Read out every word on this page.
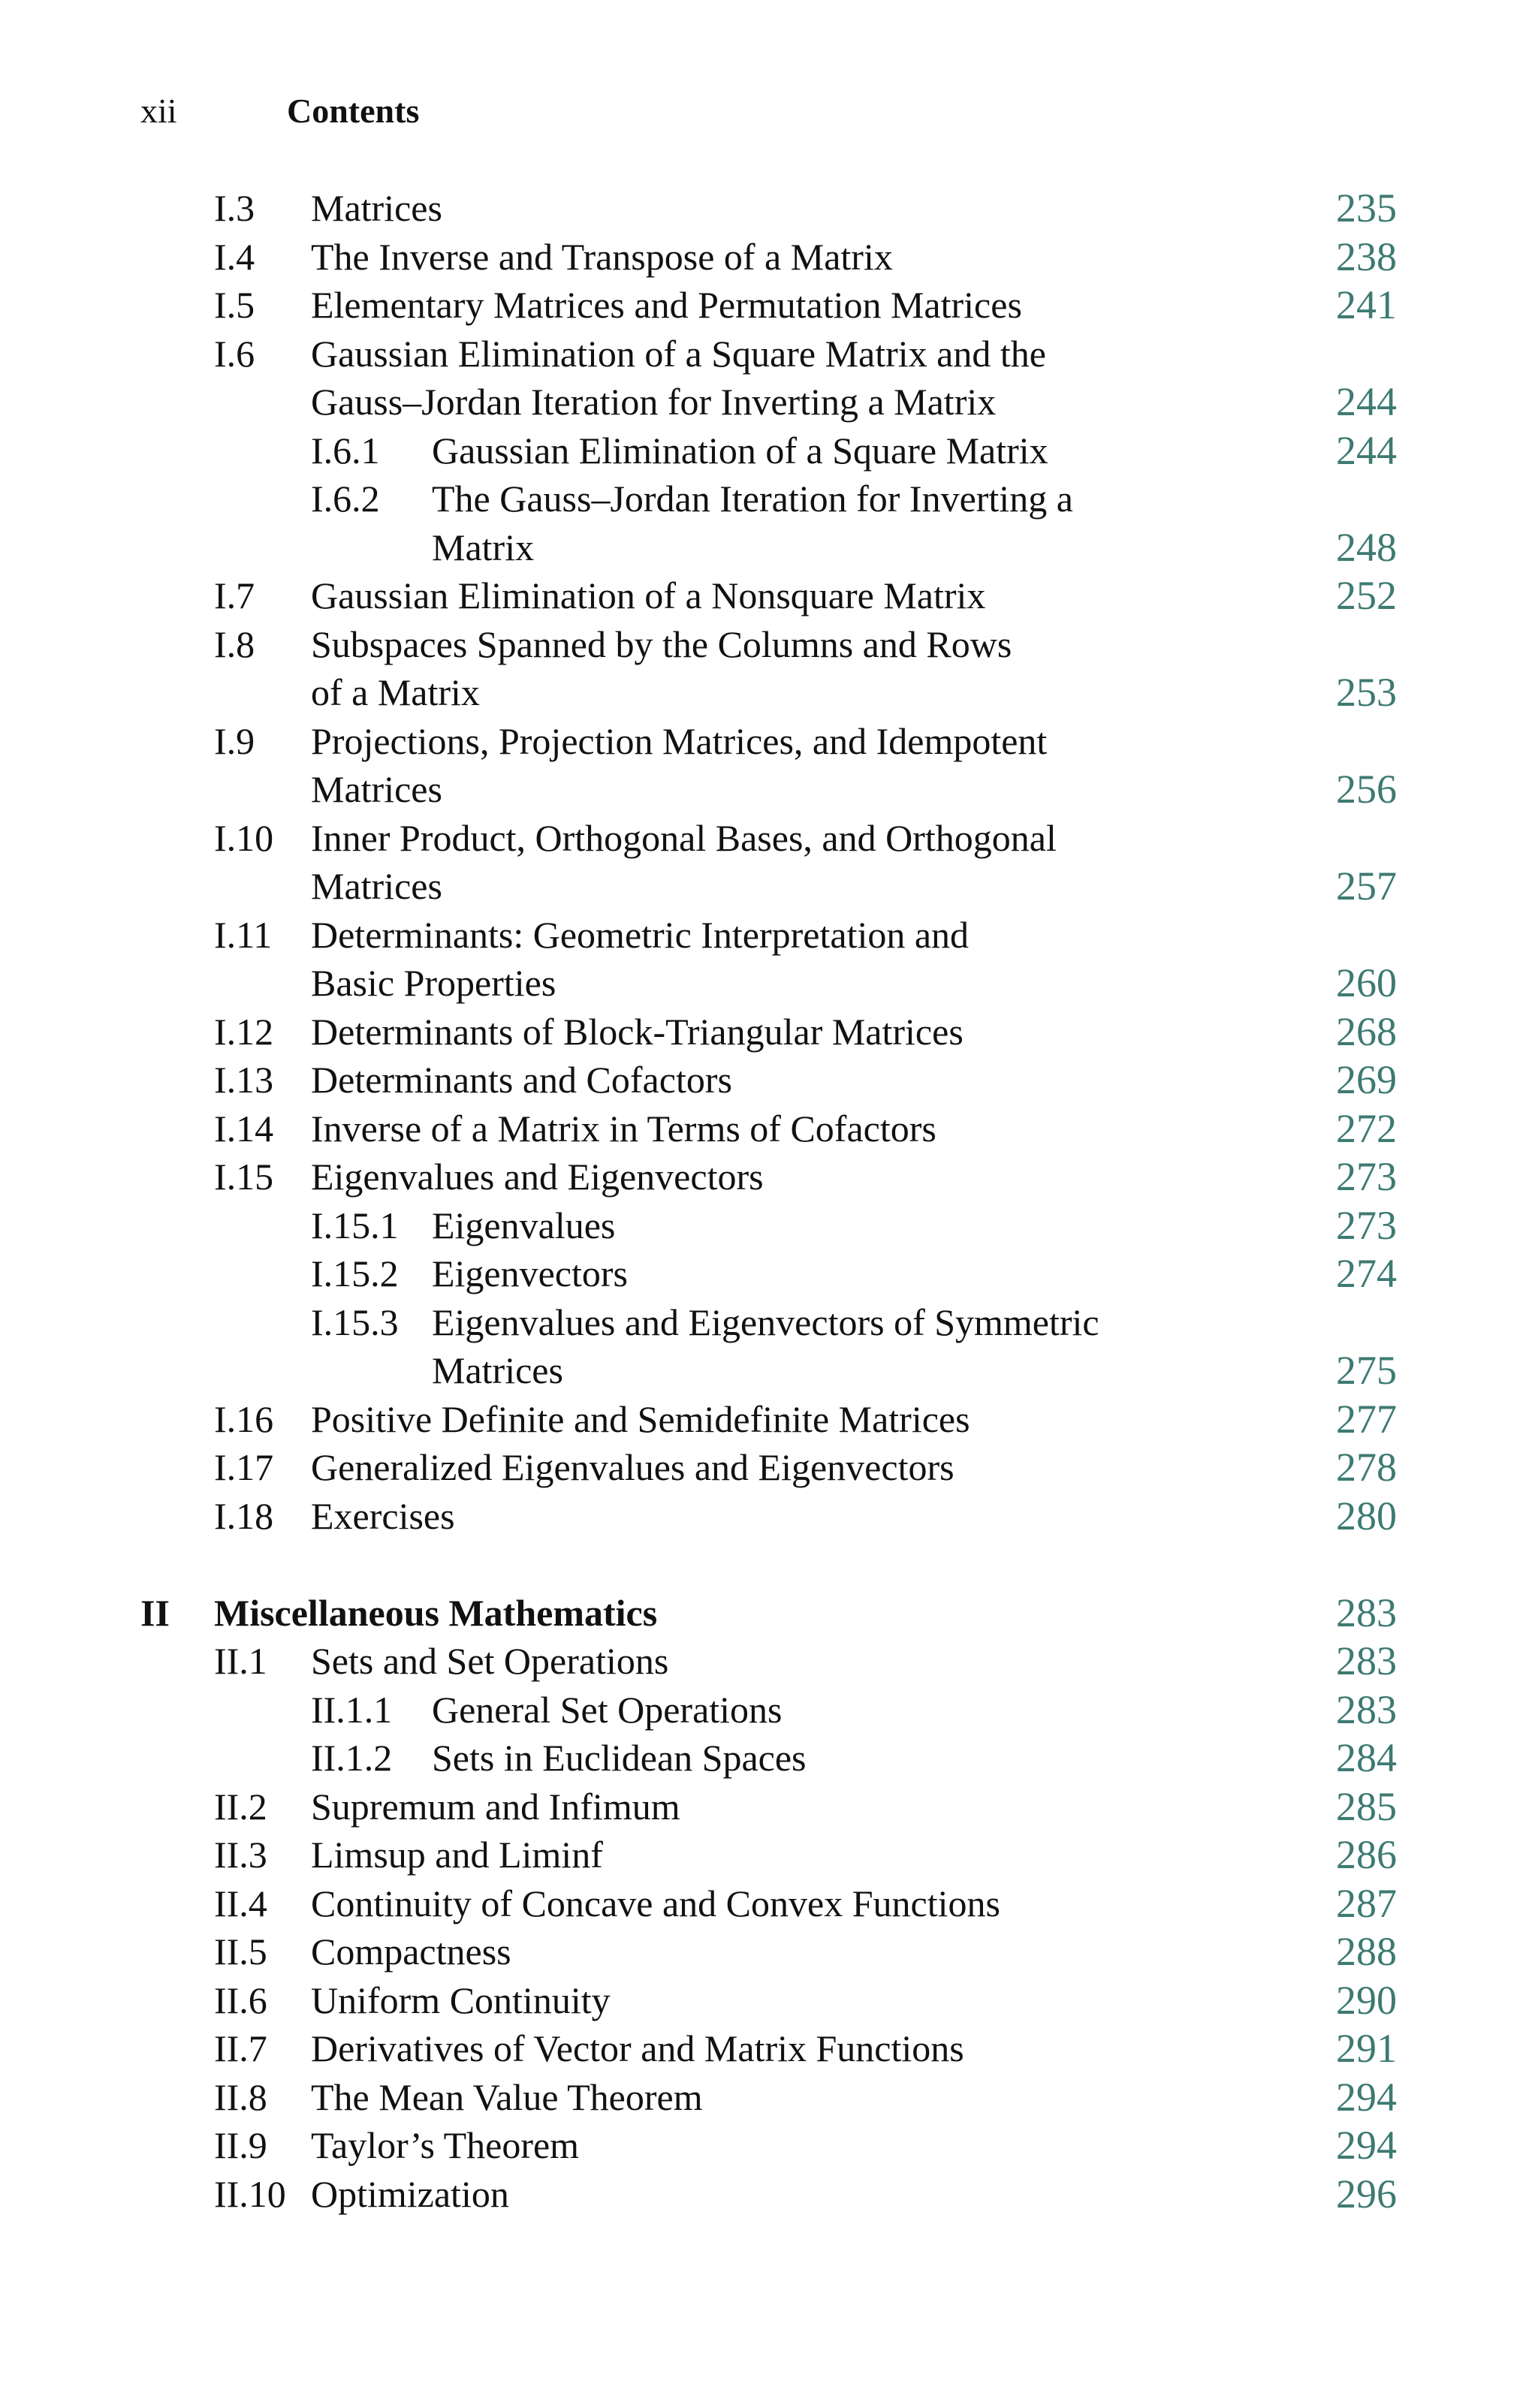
xii	Contents
I.3 Matrices	235
I.4 The Inverse and Transpose of a Matrix	238
I.5 Elementary Matrices and Permutation Matrices	241
I.6 Gaussian Elimination of a Square Matrix and the
Gauss–Jordan Iteration for Inverting a Matrix	244
I.6.1 Gaussian Elimination of a Square Matrix	244
I.6.2 The Gauss–Jordan Iteration for Inverting a
Matrix	248
I.7 Gaussian Elimination of a Nonsquare Matrix	252
I.8 Subspaces Spanned by the Columns and Rows
of a Matrix	253
I.9 Projections, Projection Matrices, and Idempotent
Matrices	256
I.10 Inner Product, Orthogonal Bases, and Orthogonal
Matrices	257
I.11 Determinants: Geometric Interpretation and
Basic Properties	260
I.12 Determinants of Block-Triangular Matrices	268
I.13 Determinants and Cofactors	269
I.14 Inverse of a Matrix in Terms of Cofactors	272
I.15 Eigenvalues and Eigenvectors	273
I.15.1 Eigenvalues	273
I.15.2 Eigenvectors	274
I.15.3 Eigenvalues and Eigenvectors of Symmetric
Matrices	275
I.16 Positive Definite and Semidefinite Matrices	277
I.17 Generalized Eigenvalues and Eigenvectors	278
I.18 Exercises	280
II Miscellaneous Mathematics	283
II.1 Sets and Set Operations	283
II.1.1 General Set Operations	283
II.1.2 Sets in Euclidean Spaces	284
II.2 Supremum and Infimum	285
II.3 Limsup and Liminf	286
II.4 Continuity of Concave and Convex Functions	287
II.5 Compactness	288
II.6 Uniform Continuity	290
II.7 Derivatives of Vector and Matrix Functions	291
II.8 The Mean Value Theorem	294
II.9 Taylor’s Theorem	294
II.10 Optimization	296
